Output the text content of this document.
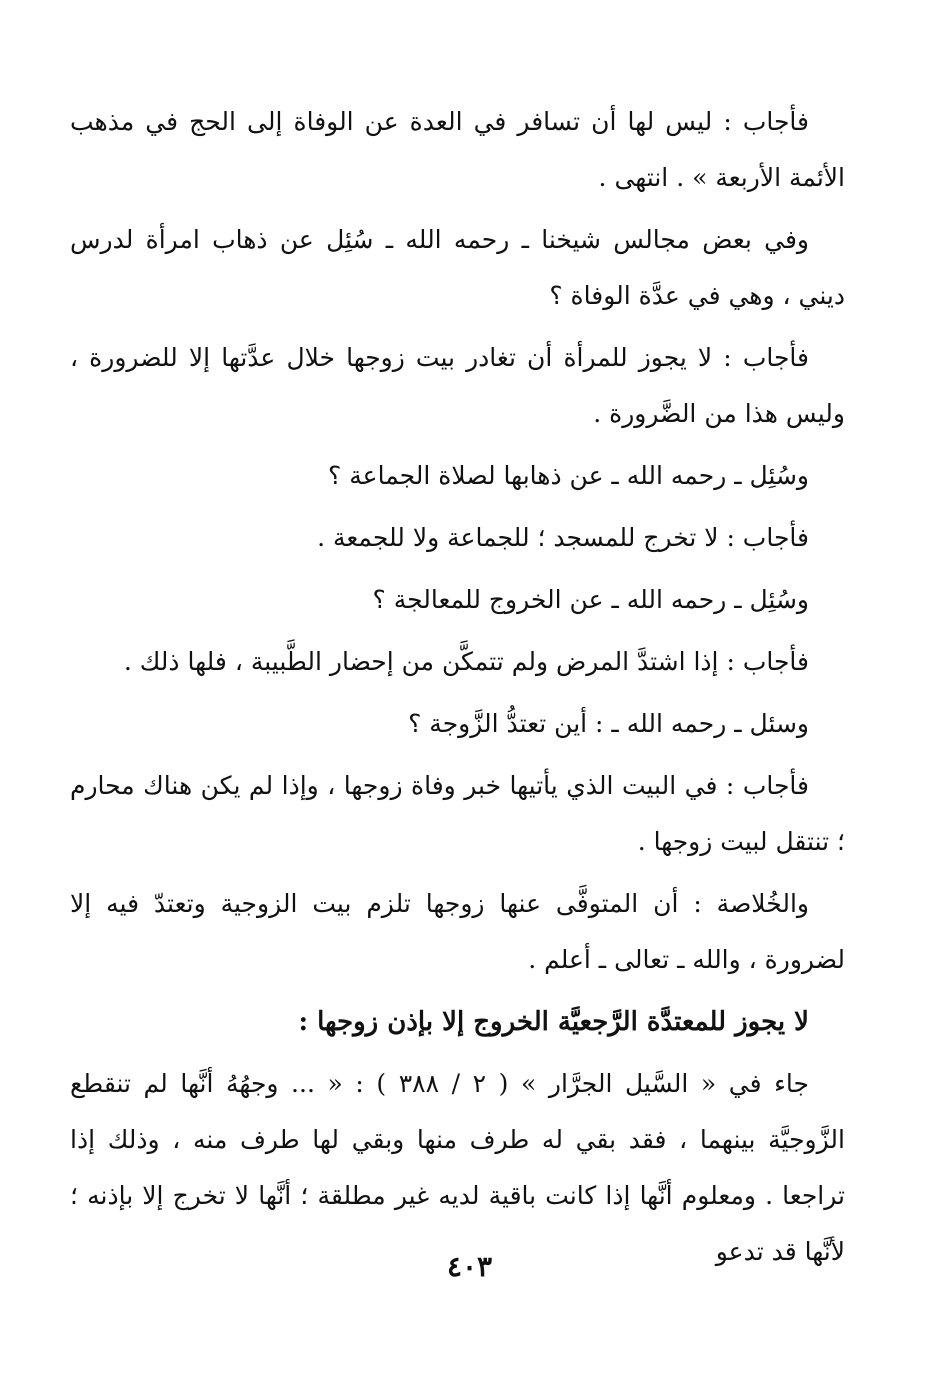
فأجاب : ليس لها أن تسافر في العدة عن الوفاة إلى الحج في مذهب الأئمة الأربعة » . انتهى .

وفي بعض مجالس شيخنا ـ رحمه الله ـ سُئِل عن ذهاب امرأة لدرس ديني ، وهي في عدَّة الوفاة ؟

فأجاب : لا يجوز للمرأة أن تغادر بيت زوجها خلال عدَّتها إلا للضرورة ، وليس هذا من الضَّرورة .

وسُئِل ـ رحمه الله ـ عن ذهابها لصلاة الجماعة ؟

فأجاب : لا تخرج للمسجد ؛ للجماعة ولا للجمعة .

وسُئِل ـ رحمه الله ـ عن الخروج للمعالجة ؟

فأجاب : إذا اشتدَّ المرض ولم تتمكَّن من إحضار الطَّبيبة ، فلها ذلك .

وسئل ـ رحمه الله ـ : أين تعتدُّ الزَّوجة ؟

فأجاب : في البيت الذي يأتيها خبر وفاة زوجها ، وإذا لم يكن هناك محارم ؛ تنتقل لبيت زوجها .

والخُلاصة : أن المتوفَّى عنها زوجها تلزم بيت الزوجية وتعتدّ فيه إلا لضرورة ، والله ـ تعالى ـ أعلم .

لا يجوز للمعتدَّة الرَّجعيَّة الخروج إلا بإذن زوجها :

جاء في « السَّيل الجرَّار » ( ٢ / ٣٨٨ ) : « ... وجهُهُ أنَّها لم تنقطع الزَّوجيَّة بينهما ، فقد بقي له طرف منها وبقي لها طرف منه ، وذلك إذا تراجعا . ومعلوم أنَّها إذا كانت باقية لديه غير مطلقة ؛ أنَّها لا تخرج إلا بإذنه ؛ لأنَّها قد تدعو

٤٠٣
